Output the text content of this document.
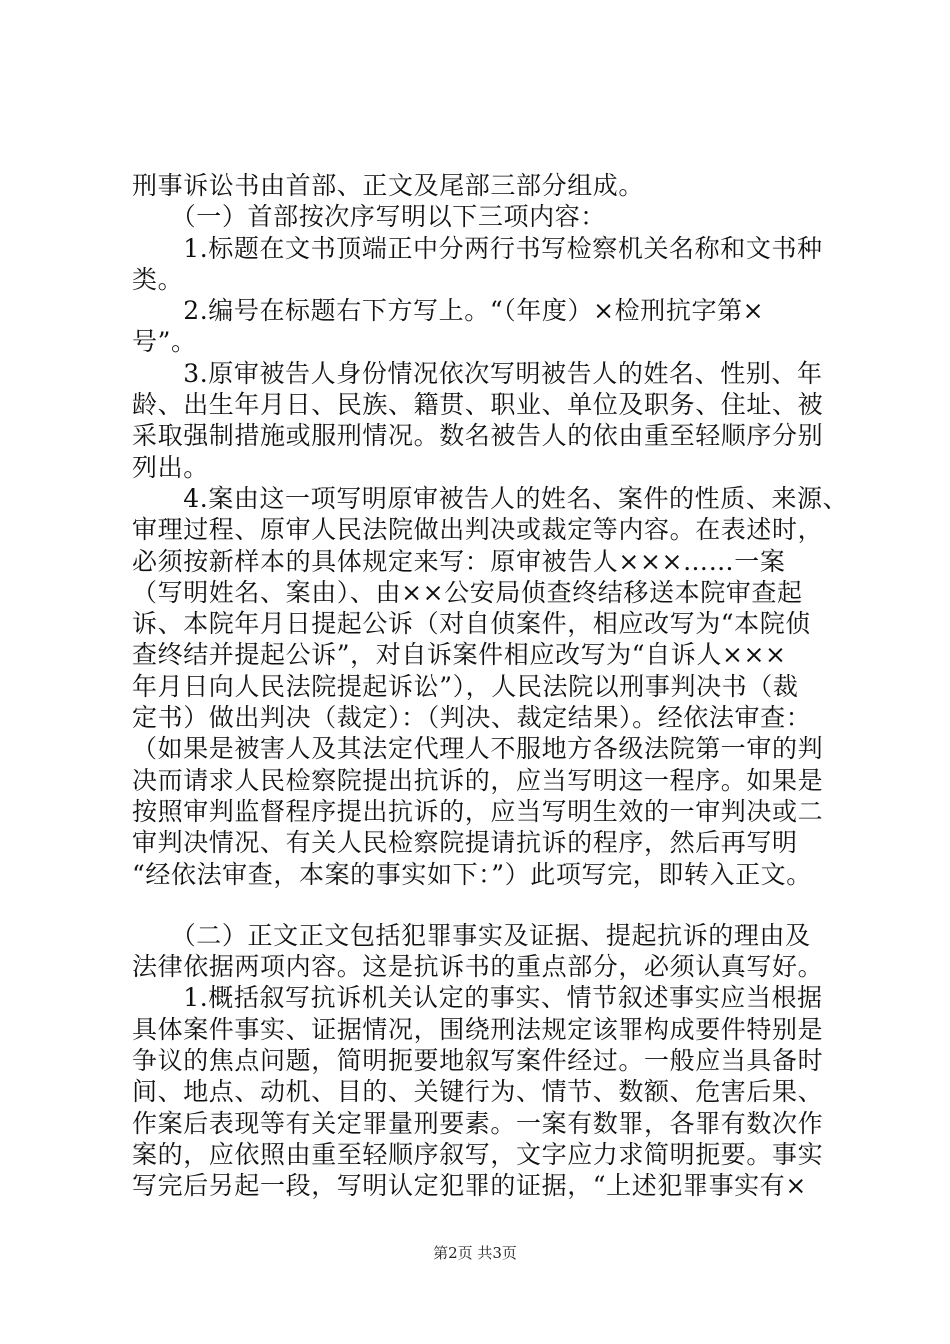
刑事诉讼书由首部、正文及尾部三部分组成。
　　（一）首部按次序写明以下三项内容：
　　1.标题在文书顶端正中分两行书写检察机关名称和文书种
类。
　　2.编号在标题右下方写上。“（年度）×检刑抗字第×
号”。
　　3.原审被告人身份情况依次写明被告人的姓名、性别、年
龄、出生年月日、民族、籍贯、职业、单位及职务、住址、被
采取强制措施或服刑情况。数名被告人的依由重至轻顺序分别
列出。
　　4.案由这一项写明原审被告人的姓名、案件的性质、来源、
审理过程、原审人民法院做出判决或裁定等内容。在表述时，
必须按新样本的具体规定来写：原审被告人×××……一案
（写明姓名、案由）、由××公安局侦查终结移送本院审查起
诉、本院年月日提起公诉（对自侦案件，相应改写为“本院侦
查终结并提起公诉”，对自诉案件相应改写为“自诉人×××
年月日向人民法院提起诉讼”），人民法院以刑事判决书（裁
定书）做出判决（裁定）：（判决、裁定结果）。经依法审查：
（如果是被害人及其法定代理人不服地方各级法院第一审的判
决而请求人民检察院提出抗诉的，应当写明这一程序。如果是
按照审判监督程序提出抗诉的，应当写明生效的一审判决或二
审判决情况、有关人民检察院提请抗诉的程序，然后再写明
“经依法审查，本案的事实如下：”）此项写完，即转入正文。
　　（二）正文正文包括犯罪事实及证据、提起抗诉的理由及
法律依据两项内容。这是抗诉书的重点部分，必须认真写好。
　　1.概括叙写抗诉机关认定的事实、情节叙述事实应当根据
具体案件事实、证据情况，围绕刑法规定该罪构成要件特别是
争议的焦点问题，简明扼要地叙写案件经过。一般应当具备时
间、地点、动机、目的、关键行为、情节、数额、危害后果、
作案后表现等有关定罪量刑要素。一案有数罪，各罪有数次作
案的，应依照由重至轻顺序叙写，文字应力求简明扼要。事实
写完后另起一段，写明认定犯罪的证据，“上述犯罪事实有×
第2页 共3页
